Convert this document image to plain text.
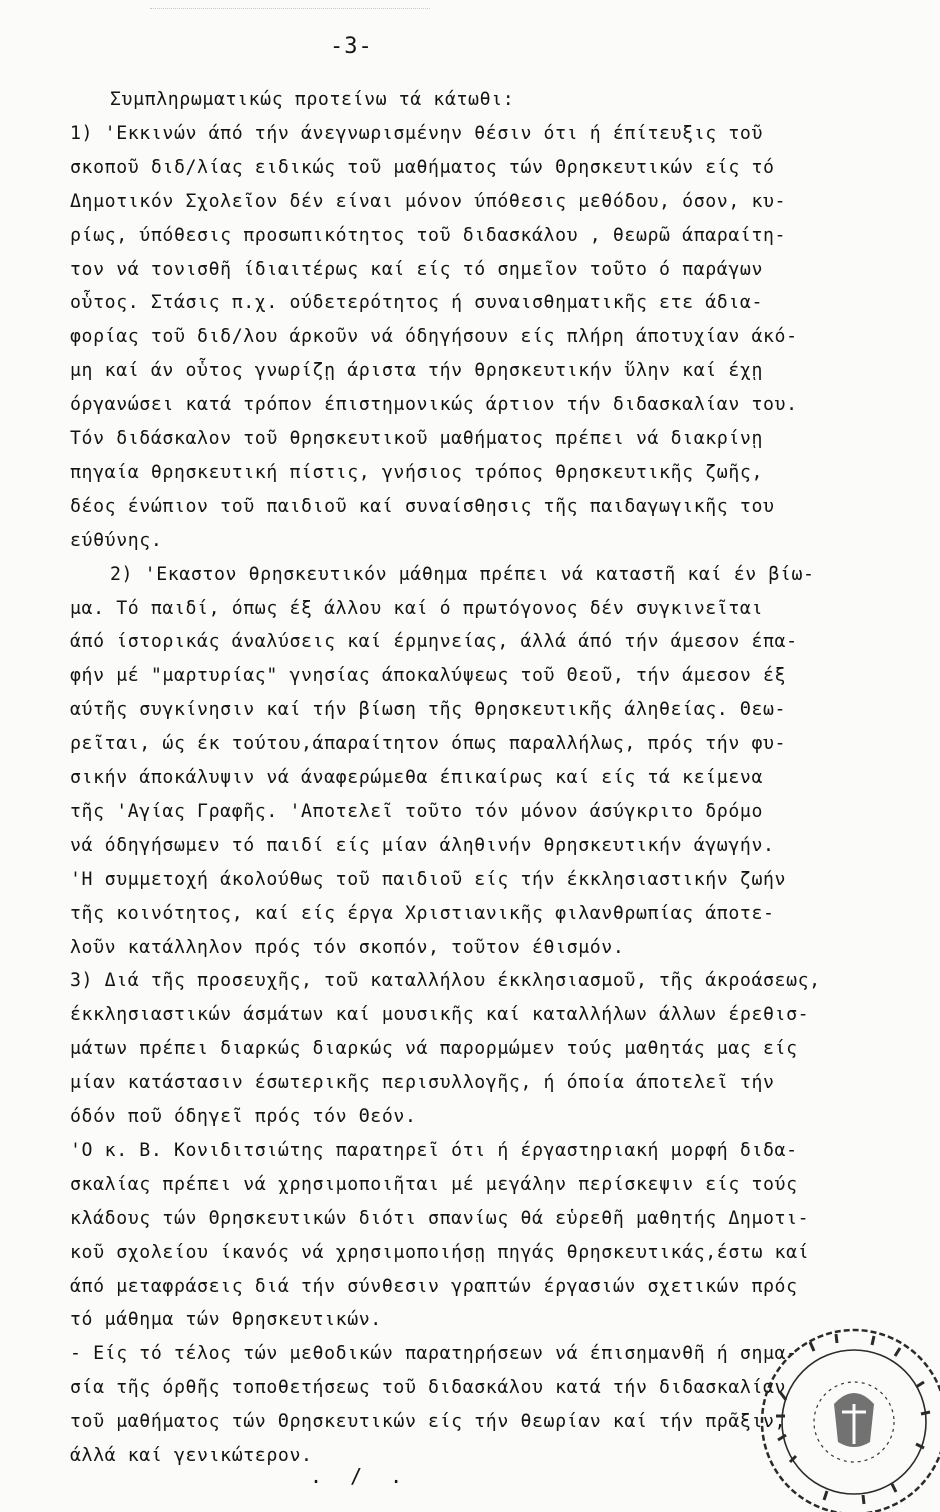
-3-
Συμπληρωματικώς προτείνω τά κάτωθι:
1) 'Εκκινών άπό τήν άνεγνωρισμένην θέσιν ότι ή έπίτευξις τοῦ
σκοποῦ διδ/λίας ειδικώς τοῦ μαθήματος τών Θρησκευτικών είς τό
Δημοτικόν Σχολεῖον δέν είναι μόνον ύπόθεσις μεθόδου, όσον, κυ-
ρίως, ύπόθεσις προσωπικότητος τοῦ διδασκάλου , θεωρῶ άπαραίτη-
τον νά τονισθῆ ίδιαιτέρως καί είς τό σημεῖον τοῦτο ό παράγων
οὗτος. Στάσις π.χ. ούδετερότητος ή συναισθηματικῆς ετε άδια-
φορίας τοῦ διδ/λου άρκοῦν νά όδηγήσουν είς πλήρη άποτυχίαν άκό-
μη καί άν οὗτος γνωρίζῃ άριστα τήν θρησκευτικήν ὕλην καί έχῃ
όργανώσει κατά τρόπον έπιστημονικώς άρτιον τήν διδασκαλίαν του.
Τόν διδάσκαλον τοῦ θρησκευτικοῦ μαθήματος πρέπει νά διακρίνῃ
πηγαία θρησκευτική πίστις, γνήσιος τρόπος θρησκευτικῆς ζωῆς,
δέος ένώπιον τοῦ παιδιοῦ καί συναίσθησις τῆς παιδαγωγικῆς του
εύθύνης.
2) 'Εκαστον θρησκευτικόν μάθημα πρέπει νά καταστῆ καί έν βίω-
μα. Τό παιδί, όπως έξ άλλου καί ό πρωτόγονος δέν συγκινεῖται
άπό ίστορικάς άναλύσεις καί έρμηνείας, άλλά άπό τήν άμεσον έπα-
φήν μέ "μαρτυρίας" γνησίας άποκαλύψεως τοῦ Θεοῦ, τήν άμεσον έξ
αύτῆς συγκίνησιν καί τήν βίωση τῆς θρησκευτικῆς άληθείας. Θεω-
ρεῖται, ώς έκ τούτου,άπαραίτητον όπως παραλλήλως, πρός τήν φυ-
σικήν άποκάλυψιν νά άναφερώμεθα έπικαίρως καί είς τά κείμενα
τῆς 'Αγίας Γραφῆς. 'Αποτελεῖ τοῦτο τόν μόνον άσύγκριτο δρόμο
νά όδηγήσωμεν τό παιδί είς μίαν άληθινήν θρησκευτικήν άγωγήν.
'Η συμμετοχή άκολούθως τοῦ παιδιοῦ είς τήν έκκλησιαστικήν ζωήν
τῆς κοινότητος, καί είς έργα Χριστιανικῆς φιλανθρωπίας άποτε-
λοῦν κατάλληλον πρός τόν σκοπόν, τοῦτον έθισμόν.
3) Διά τῆς προσευχῆς, τοῦ καταλλήλου έκκλησιασμοῦ, τῆς άκροάσεως,
έκκλησιαστικών άσμάτων καί μουσικῆς καί καταλλήλων άλλων έρεθισ-
μάτων πρέπει διαρκώς διαρκώς νά παρορμώμεν τούς μαθητάς μας είς
μίαν κατάστασιν έσωτερικῆς περισυλλογῆς, ή όποία άποτελεῖ τήν
όδόν ποῦ όδηγεῖ πρός τόν Θεόν.
'Ο κ. Β. Κονιδιτσιώτης παρατηρεῖ ότι ή έργαστηριακή μορφή διδα-
σκαλίας πρέπει νά χρησιμοποιῆται μέ μεγάλην περίσκεψιν είς τούς
κλάδους τών Θρησκευτικών διότι σπανίως θά εὑρεθῆ μαθητής Δημοτι-
κοῦ σχολείου ίκανός νά χρησιμοποιήσῃ πηγάς θρησκευτικάς,έστω καί
άπό μεταφράσεις διά τήν σύνθεσιν γραπτών έργασιών σχετικών πρός
τό μάθημα τών θρησκευτικών.
- Είς τό τέλος τών μεθοδικών παρατηρήσεων νά έπισημανθῆ ή σημα-
σία τῆς όρθῆς τοποθετήσεως τοῦ διδασκάλου κατά τήν διδασκαλίαν
τοῦ μαθήματος τών Θρησκευτικών είς τήν θεωρίαν καί τήν πρᾶξιν,
άλλά καί γενικώτερον.
. / .
